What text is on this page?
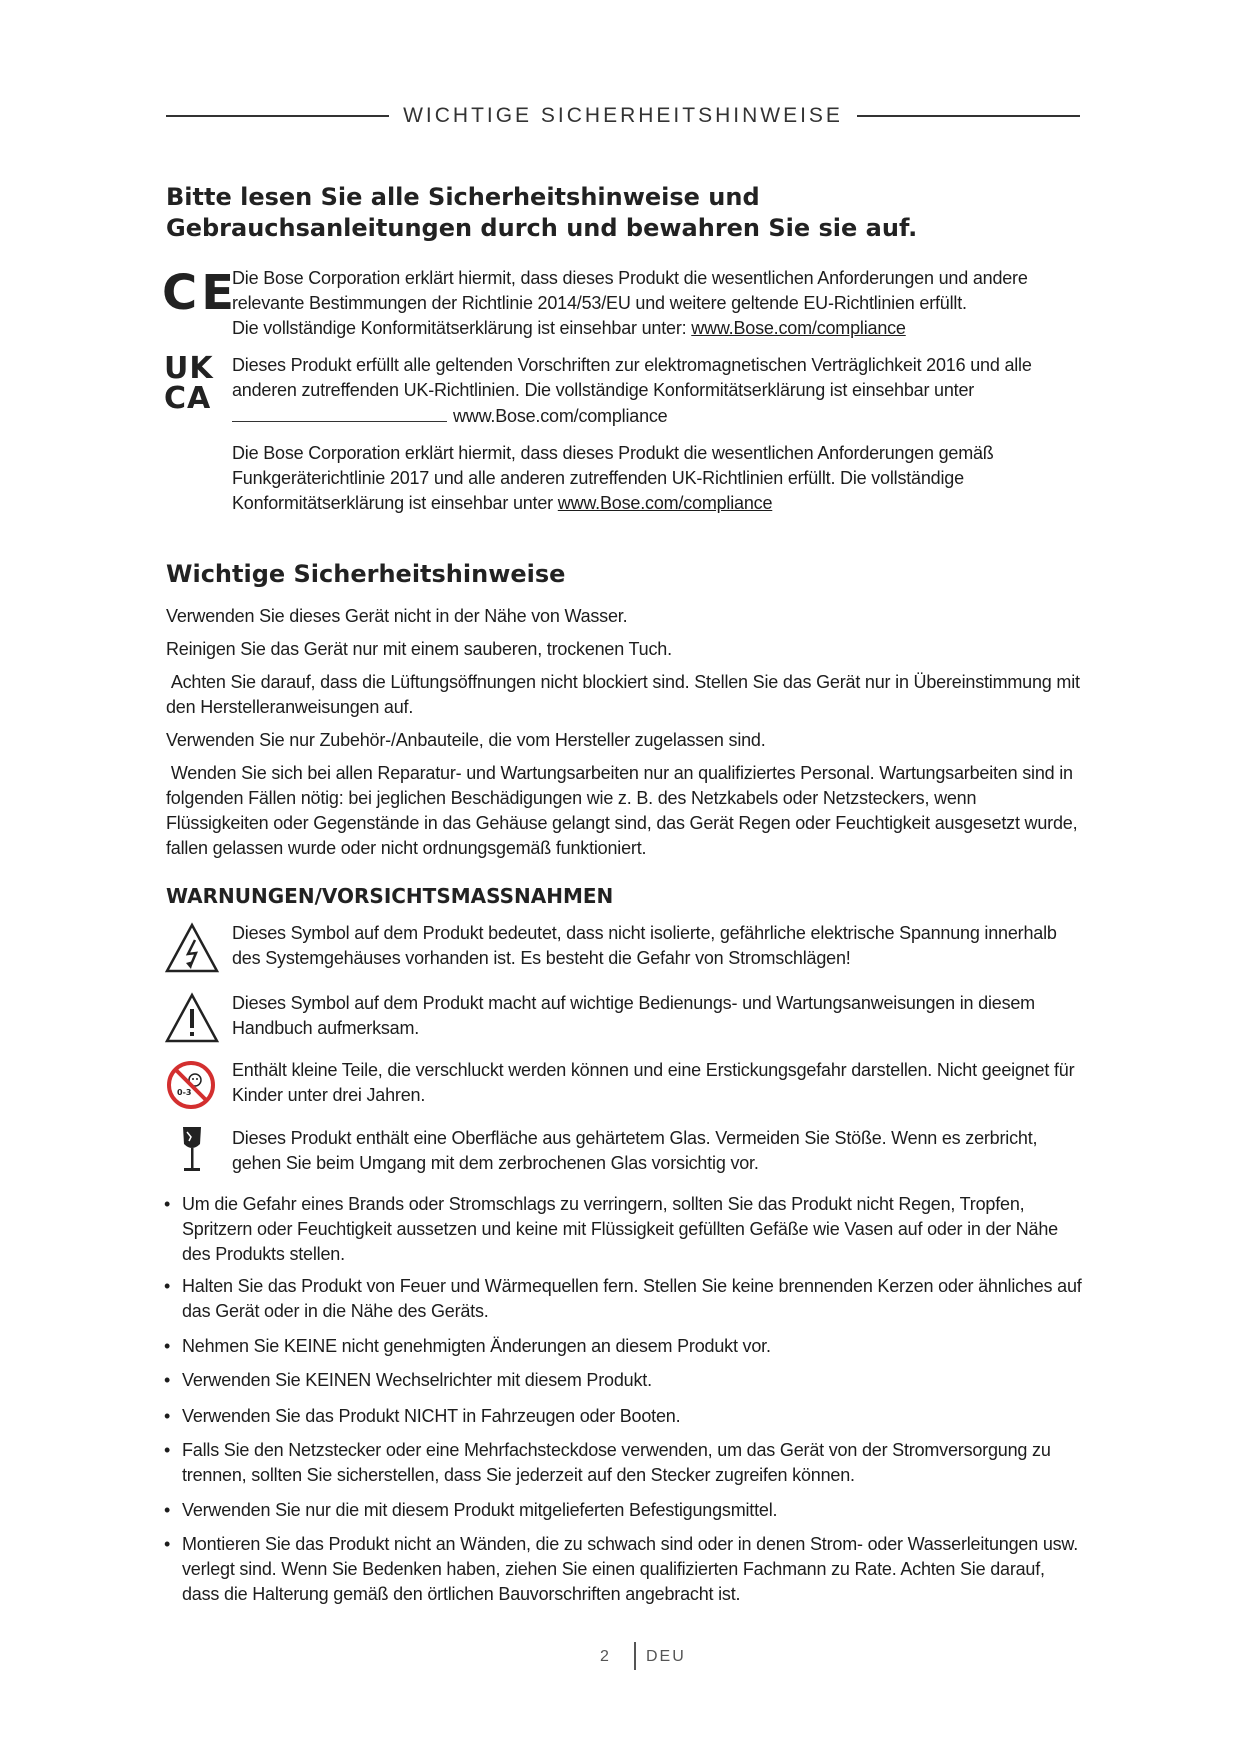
WICHTIGE SICHERHEITSHINWEISE
Bitte lesen Sie alle Sicherheitshinweise und Gebrauchsanleitungen durch und bewahren Sie sie auf.
CE
Die Bose Corporation erklärt hiermit, dass dieses Produkt die wesentlichen Anforderungen und andere
relevante Bestimmungen der Richtlinie 2014/53/EU und weitere geltende EU-Richtlinien erfüllt.
Die vollständige Konformitätserklärung ist einsehbar unter: www.Bose.com/compliance
UK
CA
Dieses Produkt erfüllt alle geltenden Vorschriften zur elektromagnetischen Verträglichkeit 2016 und alle
anderen zutreffenden UK-Richtlinien. Die vollständige Konformitätserklärung ist einsehbar unter
www.Bose.com/compliance
Die Bose Corporation erklärt hiermit, dass dieses Produkt die wesentlichen Anforderungen gemäß
Funkgeräterichtlinie 2017 und alle anderen zutreffenden UK-Richtlinien erfüllt. Die vollständige
Konformitätserklärung ist einsehbar unter www.Bose.com/compliance
Wichtige Sicherheitshinweise
Verwenden Sie dieses Gerät nicht in der Nähe von Wasser.
Reinigen Sie das Gerät nur mit einem sauberen, trockenen Tuch.
Achten Sie darauf, dass die Lüftungsöffnungen nicht blockiert sind. Stellen Sie das Gerät nur in Übereinstimmung mit den Herstelleranweisungen auf.
Verwenden Sie nur Zubehör-/Anbauteile, die vom Hersteller zugelassen sind.
Wenden Sie sich bei allen Reparatur- und Wartungsarbeiten nur an qualifiziertes Personal. Wartungsarbeiten sind in folgenden Fällen nötig: bei jeglichen Beschädigungen wie z. B. des Netzkabels oder Netzsteckers, wenn Flüssigkeiten oder Gegenstände in das Gehäuse gelangt sind, das Gerät Regen oder Feuchtigkeit ausgesetzt wurde, fallen gelassen wurde oder nicht ordnungsgemäß funktioniert.
WARNUNGEN/VORSICHTSMASSNAHMEN
Dieses Symbol auf dem Produkt bedeutet, dass nicht isolierte, gefährliche elektrische Spannung innerhalb des Systemgehäuses vorhanden ist. Es besteht die Gefahr von Stromschlägen!
Dieses Symbol auf dem Produkt macht auf wichtige Bedienungs- und Wartungsanweisungen in diesem Handbuch aufmerksam.
0-3
Enthält kleine Teile, die verschluckt werden können und eine Erstickungsgefahr darstellen. Nicht geeignet für Kinder unter drei Jahren.
Dieses Produkt enthält eine Oberfläche aus gehärtetem Glas. Vermeiden Sie Stöße. Wenn es zerbricht, gehen Sie beim Umgang mit dem zerbrochenen Glas vorsichtig vor.
• Um die Gefahr eines Brands oder Stromschlags zu verringern, sollten Sie das Produkt nicht Regen, Tropfen, Spritzern oder Feuchtigkeit aussetzen und keine mit Flüssigkeit gefüllten Gefäße wie Vasen auf oder in der Nähe des Produkts stellen.
• Halten Sie das Produkt von Feuer und Wärmequellen fern. Stellen Sie keine brennenden Kerzen oder ähnliches auf das Gerät oder in die Nähe des Geräts.
• Nehmen Sie KEINE nicht genehmigten Änderungen an diesem Produkt vor.
• Verwenden Sie KEINEN Wechselrichter mit diesem Produkt.
• Verwenden Sie das Produkt NICHT in Fahrzeugen oder Booten.
• Falls Sie den Netzstecker oder eine Mehrfachsteckdose verwenden, um das Gerät von der Stromversorgung zu trennen, sollten Sie sicherstellen, dass Sie jederzeit auf den Stecker zugreifen können.
• Verwenden Sie nur die mit diesem Produkt mitgelieferten Befestigungsmittel.
• Montieren Sie das Produkt nicht an Wänden, die zu schwach sind oder in denen Strom- oder Wasserleitungen usw. verlegt sind. Wenn Sie Bedenken haben, ziehen Sie einen qualifizierten Fachmann zu Rate. Achten Sie darauf, dass die Halterung gemäß den örtlichen Bauvorschriften angebracht ist.
2 DEU
